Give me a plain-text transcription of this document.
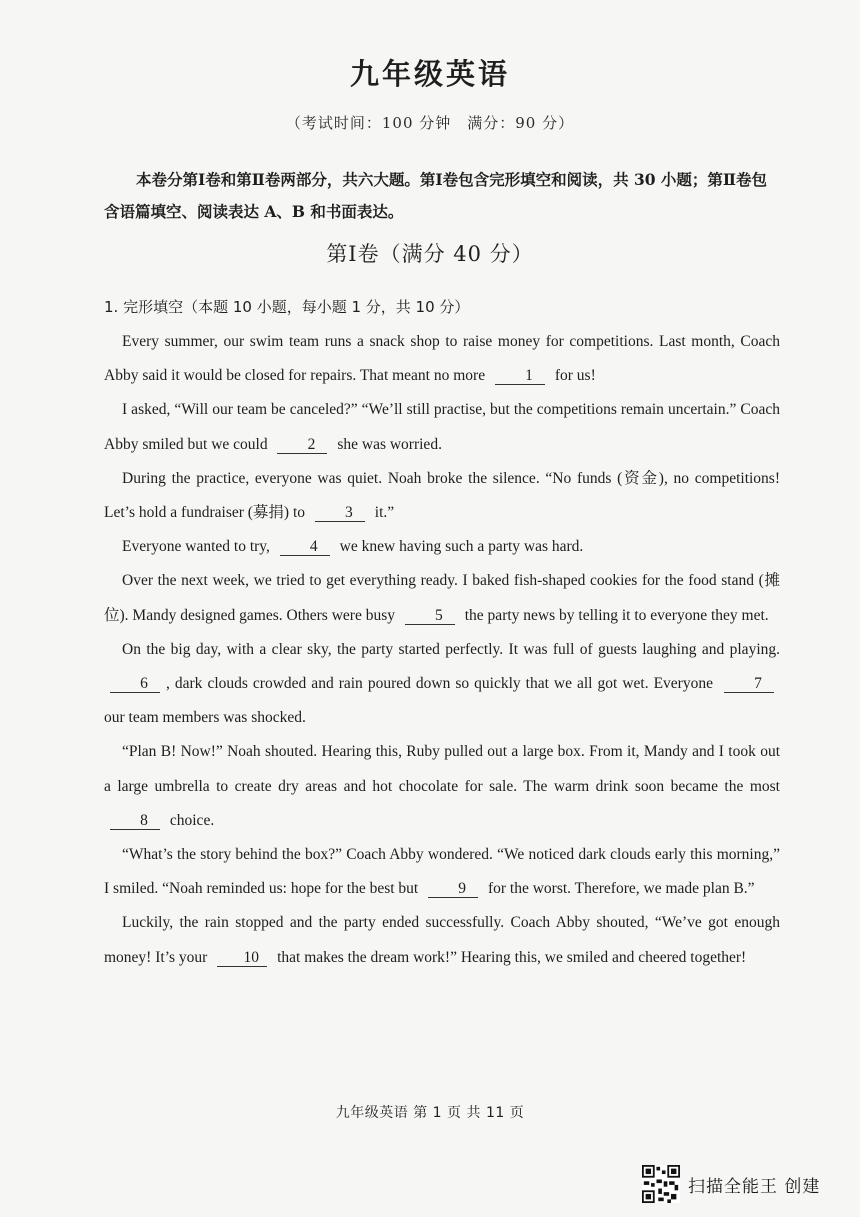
九年级英语
（考试时间：100 分钟　满分：90 分）
本卷分第Ⅰ卷和第Ⅱ卷两部分，共六大题。第Ⅰ卷包含完形填空和阅读，共 30 小题；第Ⅱ卷包含语篇填空、阅读表达 A、B 和书面表达。
第Ⅰ卷（满分 40 分）
1. 完形填空（本题 10 小题，每小题 1 分，共 10 分）

Every summer, our swim team runs a snack shop to raise money for competitions. Last month, Coach Abby said it would be closed for repairs. That meant no more	1 for us!

I asked, “Will our team be canceled?” “We’ll still practise, but the competitions remain uncertain.” Coach Abby smiled but we could	2 she was worried.

During the practice, everyone was quiet. Noah broke the silence. “No funds (资金), no competitions! Let’s hold a fundraiser (募捐) to	3 it.”

Everyone wanted to try,	4 we knew having such a party was hard.

Over the next week, we tried to get everything ready. I baked fish-shaped cookies for the food stand (摊位). Mandy designed games. Others were busy	5 the party news by telling it to everyone they met.

On the big day, with a clear sky, the party started perfectly. It was full of guests laughing and playing. 6 , dark clouds crowded and rain poured down so quickly that we all got wet. Everyone	7 our team members was shocked.

“Plan B! Now!” Noah shouted. Hearing this, Ruby pulled out a large box. From it, Mandy and I took out a large umbrella to create dry areas and hot chocolate for sale. The warm drink soon became the most 8 choice.

“What’s the story behind the box?” Coach Abby wondered. “We noticed dark clouds early this morning,” I smiled. “Noah reminded us: hope for the best but	9 for the worst. Therefore, we made plan B.”

Luckily, the rain stopped and the party ended successfully. Coach Abby shouted, “We’ve got enough money! It’s your 10 that makes the dream work!” Hearing this, we smiled and cheered together!

九年级英语 第 1 页 共 11 页
扫描全能王 创建
